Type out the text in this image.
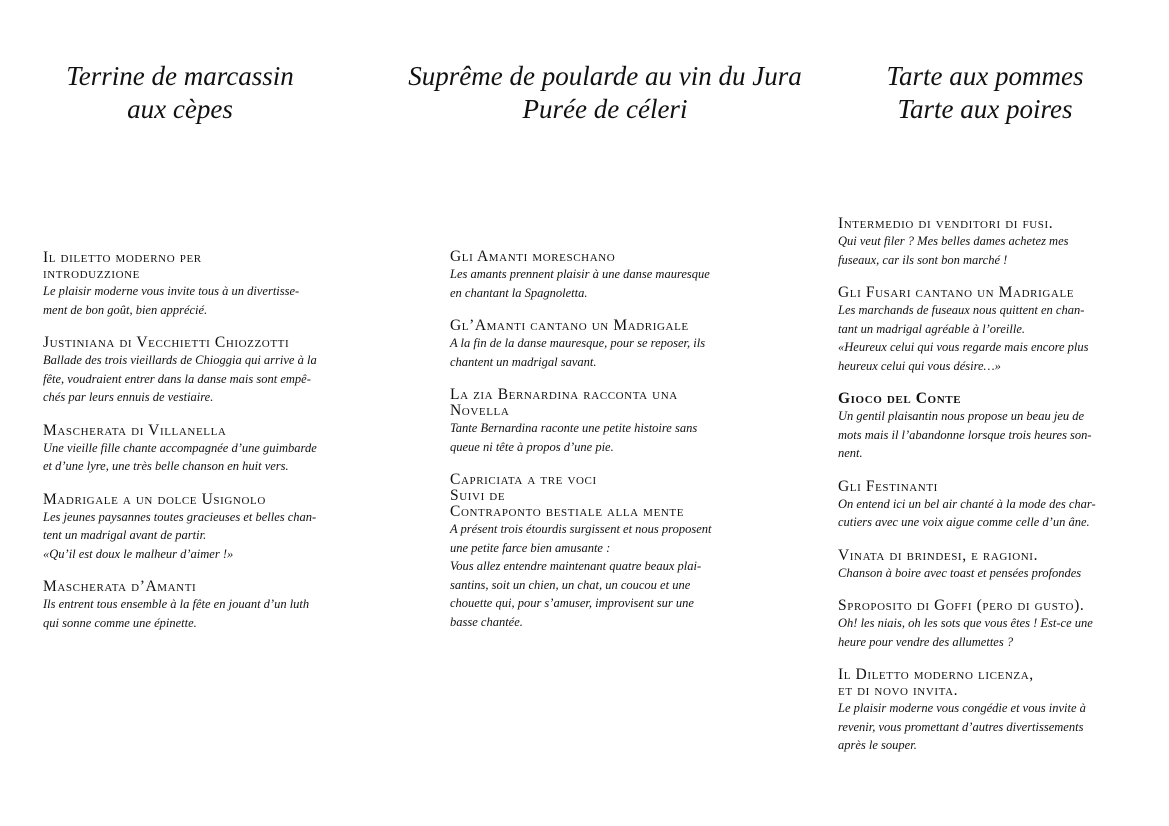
Terrine de marcassin
aux cèpes
Suprême de poularde au vin du Jura
Purée de céleri
Tarte aux pommes
Tarte aux poires
Il diletto moderno per
introduzzione
Le plaisir moderne vous invite tous à un divertisse-
ment de bon goût, bien apprécié.
Justiniana di Vecchietti Chiozzotti
Ballade des trois vieillards de Chioggia qui arrive à la
fête, voudraient entrer dans la danse mais sont empê-
chés par leurs ennuis de vestiaire.
Mascherata di Villanella
Une vieille fille chante accompagnée d’une guimbarde
et d’une lyre, une très belle chanson en huit vers.
Madrigale a un dolce Usignolo
Les jeunes paysannes toutes gracieuses et belles chan-
tent un madrigal avant de partir.
«Qu’il est doux le malheur d’aimer !»
Mascherata d’Amanti
Ils entrent tous ensemble à la fête en jouant d’un luth
qui sonne comme une épinette.
Gli Amanti moreschano
Les amants prennent plaisir à une danse mauresque
en chantant la Spagnoletta.
Gl’Amanti cantano un Madrigale
A la fin de la danse mauresque, pour se reposer, ils
chantent un madrigal savant.
La zia Bernardina racconta una
Novella
Tante Bernardina raconte une petite histoire sans
queue ni tête à propos d’une pie.
Capriciata a tre voci
Suivi de
Contraponto bestiale alla mente
A présent trois étourdis surgissent et nous proposent
une petite farce bien amusante :
Vous allez entendre maintenant quatre beaux plai-
santins, soit un chien, un chat, un coucou et une
chouette qui, pour s’amuser, improvisent sur une
basse chantée.
Intermedio di venditori di fusi.
Qui veut filer ? Mes belles dames achetez mes
fuseaux, car ils sont bon marché !
Gli Fusari cantano un Madrigale
Les marchands de fuseaux nous quittent en chan-
tant un madrigal agréable à l’oreille.
«Heureux celui qui vous regarde mais encore plus
heureux celui qui vous désire…»
Gioco del Conte
Un gentil plaisantin nous propose un beau jeu de
mots mais il l’abandonne lorsque trois heures son-
nent.
Gli Festinanti
On entend ici un bel air chanté à la mode des char-
cutiers avec une voix aigue comme celle d’un âne.
Vinata di brindesi, e ragioni.
Chanson à boire avec toast et pensées profondes
Sproposito di Goffi (pero di gusto).
Oh! les niais, oh les sots que vous êtes ! Est-ce une
heure pour vendre des allumettes ?
Il Diletto moderno licenza,
et di novo invita.
Le plaisir moderne vous congédie et vous invite à
revenir, vous promettant d’autres divertissements
après le souper.
